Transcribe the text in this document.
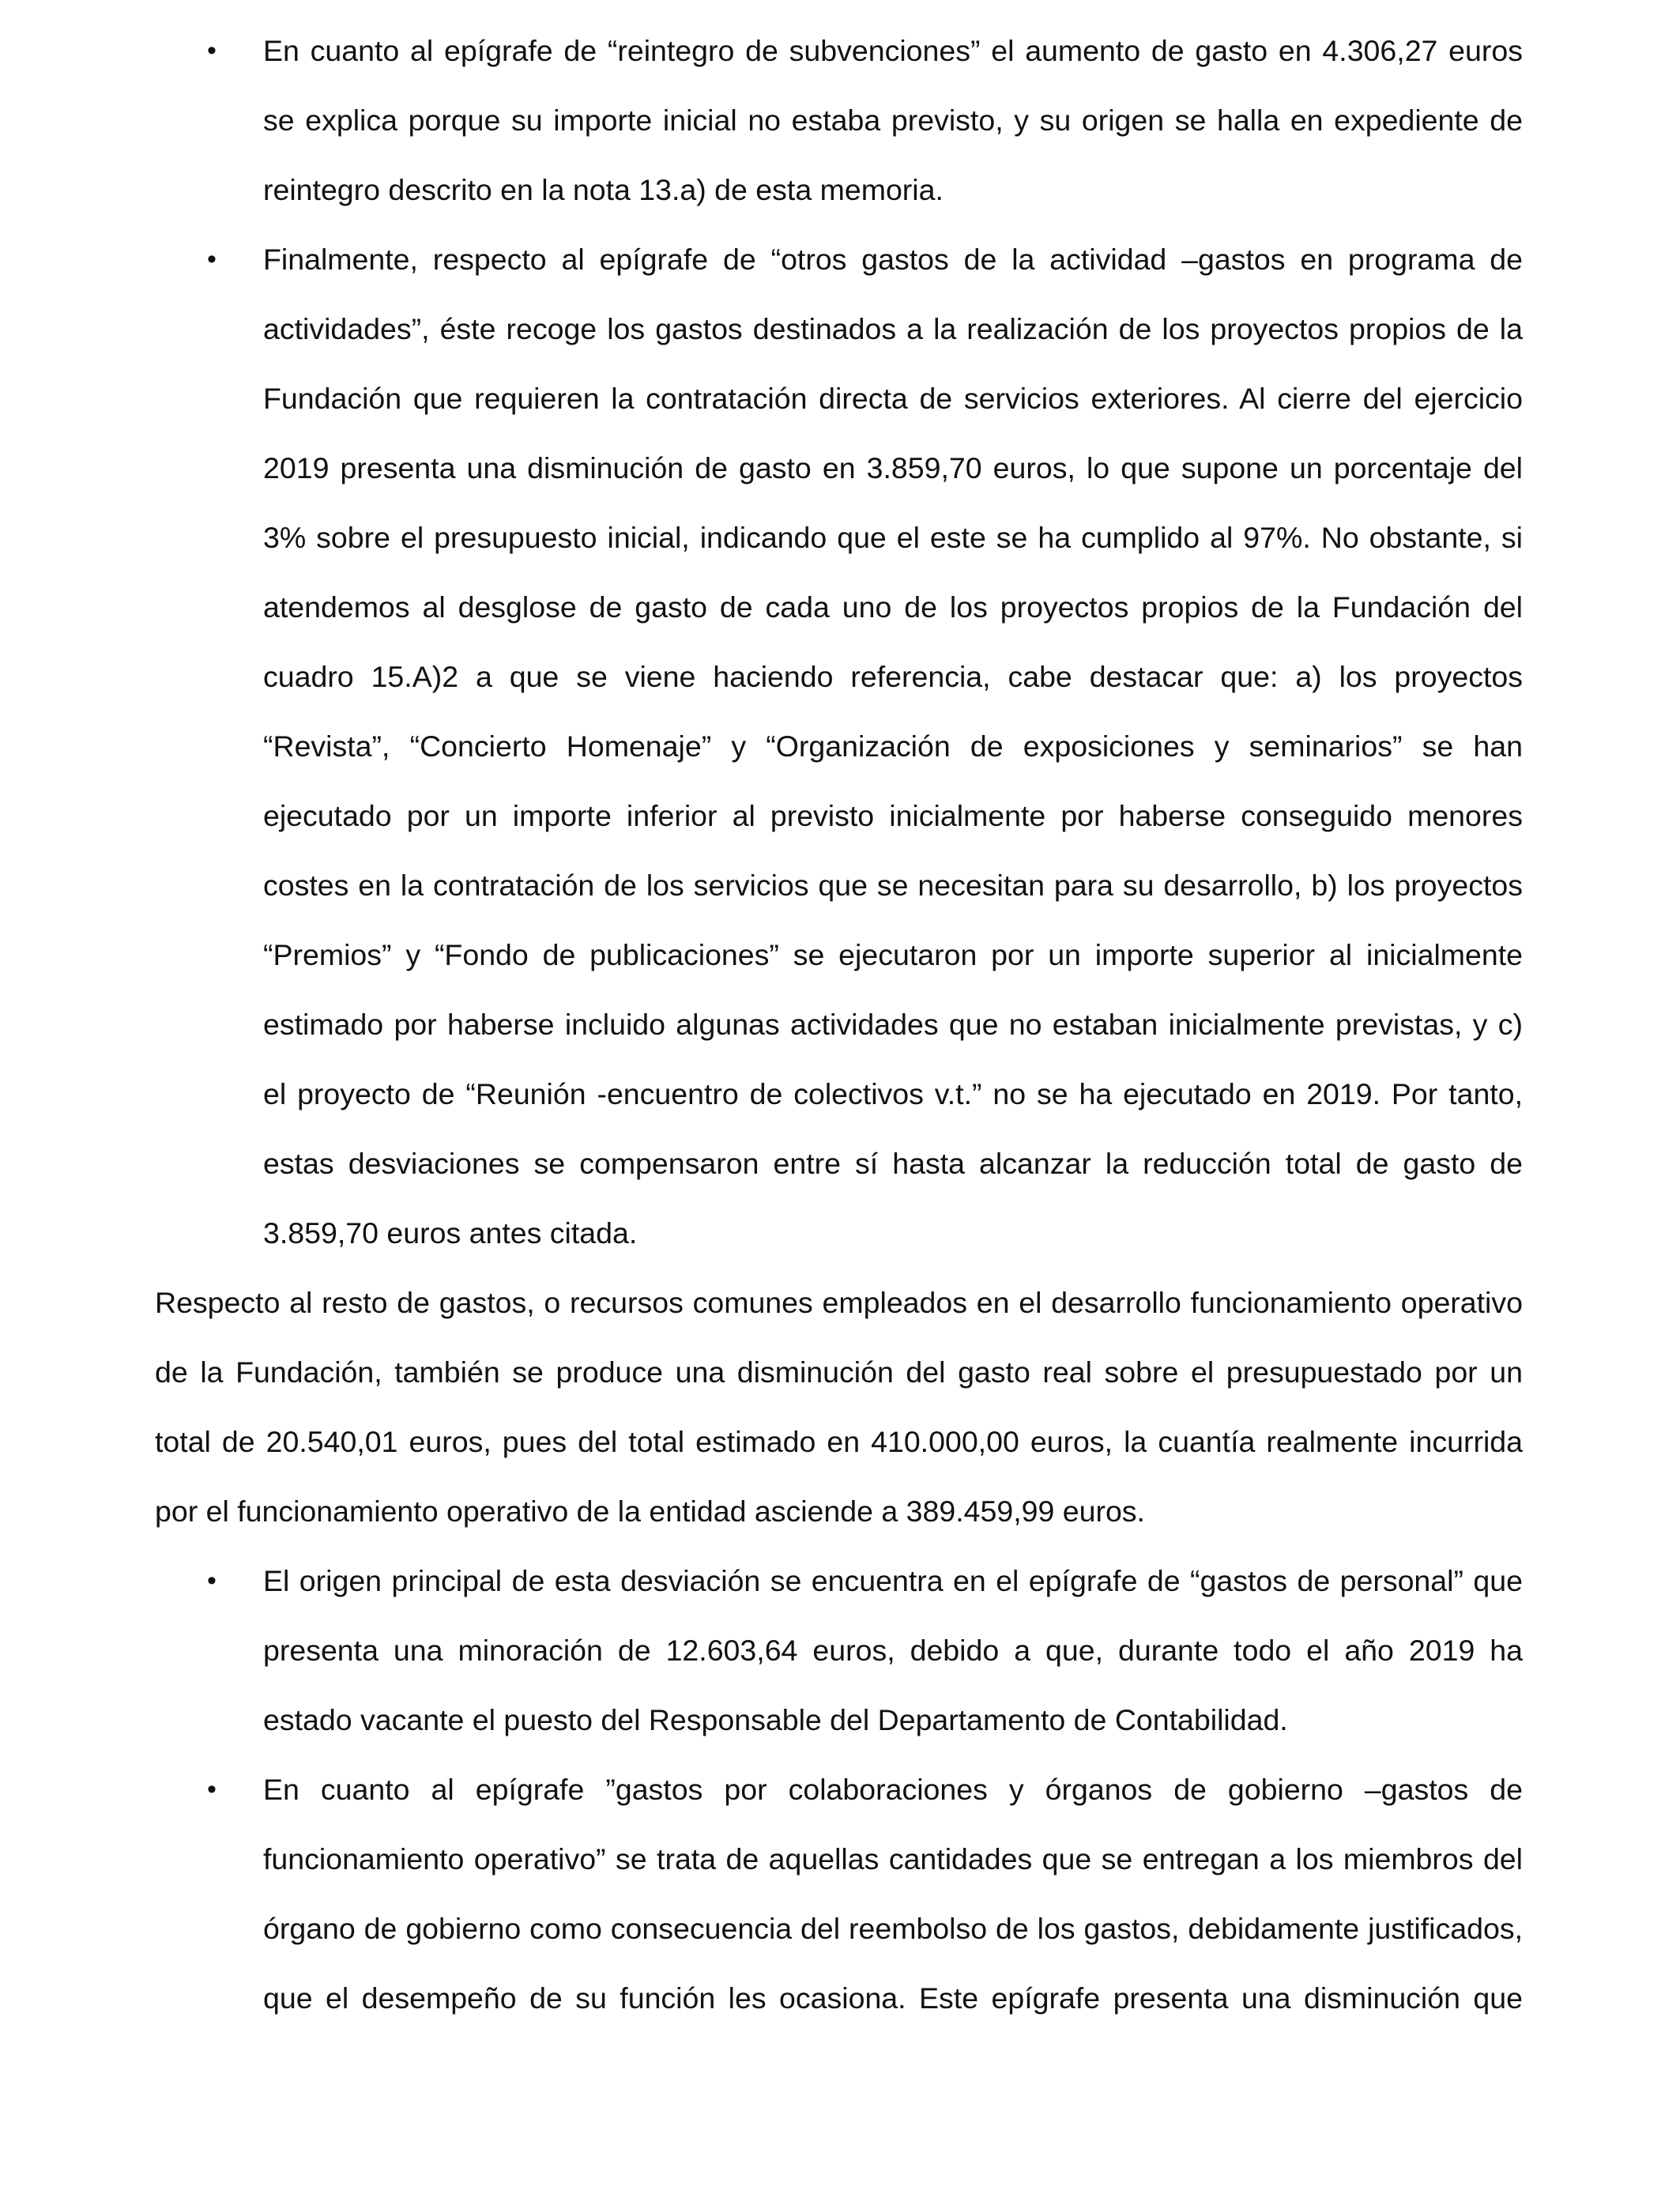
•	En cuanto al epígrafe de “reintegro de subvenciones” el aumento de gasto en 4.306,27 euros se explica porque su importe inicial no estaba previsto, y su origen se halla en expediente de reintegro descrito en la nota 13.a) de esta memoria.
•	Finalmente, respecto al epígrafe de “otros gastos de la actividad –gastos en programa de actividades”, éste recoge los gastos destinados a la realización de los proyectos propios de la Fundación que requieren la contratación directa de servicios exteriores. Al cierre del ejercicio 2019 presenta una disminución de gasto en 3.859,70 euros, lo que supone un porcentaje del 3% sobre el presupuesto inicial, indicando que el este se ha cumplido al 97%. No obstante, si atendemos al desglose de gasto de cada uno de los proyectos propios de la Fundación del cuadro 15.A)2 a que se viene haciendo referencia, cabe destacar que: a) los proyectos “Revista”, “Concierto Homenaje” y “Organización de exposiciones y seminarios” se han ejecutado por un importe inferior al previsto inicialmente por haberse conseguido menores costes en la contratación de los servicios que se necesitan para su desarrollo, b) los proyectos “Premios” y “Fondo de publicaciones” se ejecutaron por un importe superior al inicialmente estimado por haberse incluido algunas actividades que no estaban inicialmente previstas, y c) el proyecto de “Reunión -encuentro de colectivos v.t.” no se ha ejecutado en 2019. Por tanto, estas desviaciones se compensaron entre sí hasta alcanzar la reducción total de gasto de 3.859,70 euros antes citada.
Respecto al resto de gastos, o recursos comunes empleados en el desarrollo funcionamiento operativo de la Fundación, también se produce una disminución del gasto real sobre el presupuestado por un total de 20.540,01 euros, pues del total estimado en 410.000,00 euros, la cuantía realmente incurrida por el funcionamiento operativo de la entidad asciende a 389.459,99 euros.
•	El origen principal de esta desviación se encuentra en el epígrafe de “gastos de personal” que presenta una minoración de 12.603,64 euros, debido a que, durante todo el año 2019 ha estado vacante el puesto del Responsable del Departamento de Contabilidad.
•	En cuanto al epígrafe ”gastos por colaboraciones y órganos de gobierno –gastos de funcionamiento operativo” se trata de aquellas cantidades que se entregan a los miembros del órgano de gobierno como consecuencia del reembolso de los gastos, debidamente justificados, que el desempeño de su función les ocasiona. Este epígrafe presenta una disminución que
